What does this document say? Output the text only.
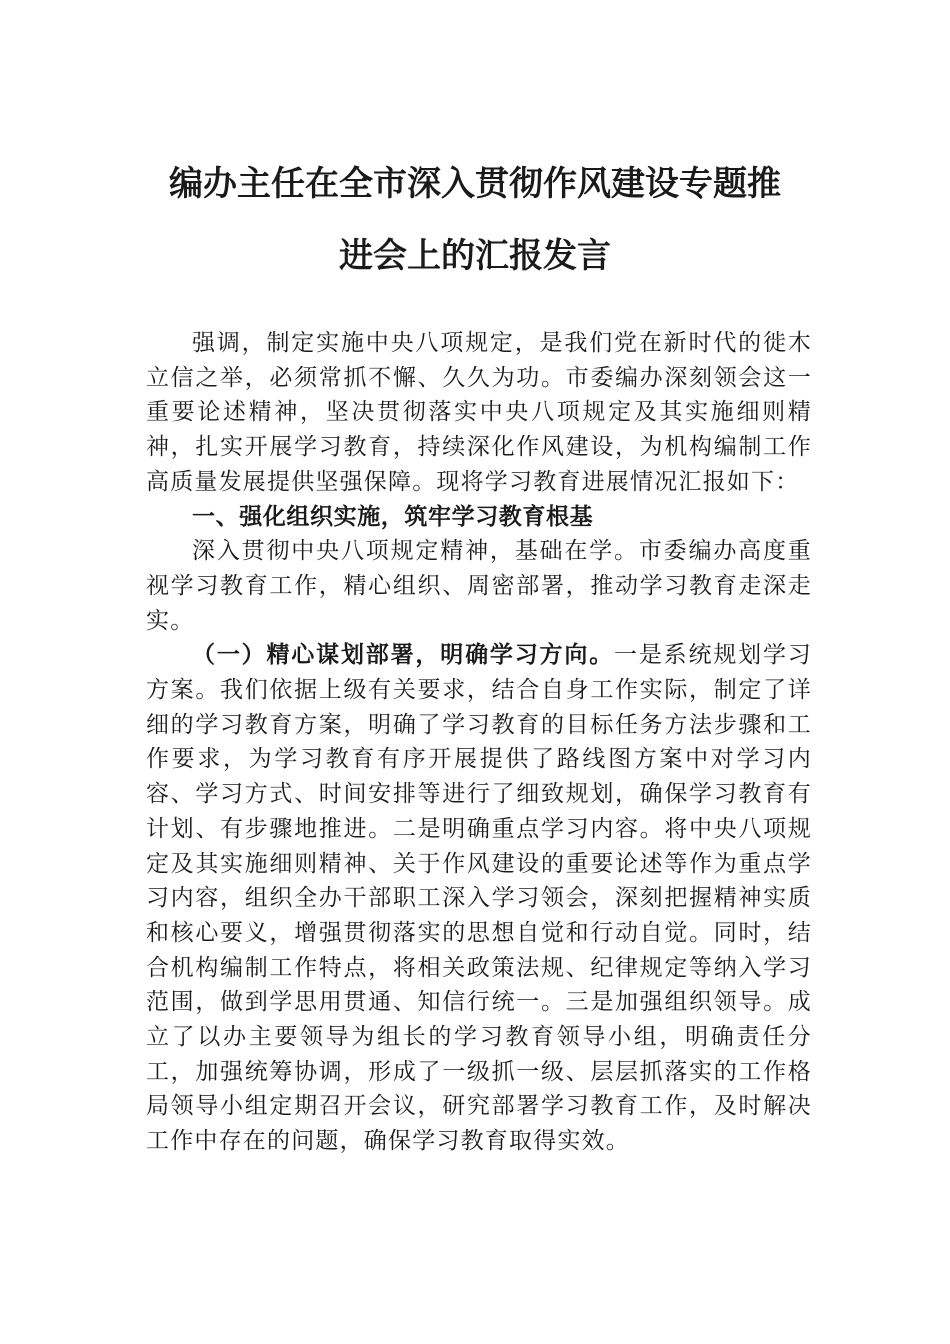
编办主任在全市深入贯彻作风建设专题推
进会上的汇报发言

强调，制定实施中央八项规定，是我们党在新时代的徙木立信之举，必须常抓不懈、久久为功。市委编办深刻领会这一重要论述精神，坚决贯彻落实中央八项规定及其实施细则精神，扎实开展学习教育，持续深化作风建设，为机构编制工作高质量发展提供坚强保障。现将学习教育进展情况汇报如下：

一、强化组织实施，筑牢学习教育根基

深入贯彻中央八项规定精神，基础在学。市委编办高度重视学习教育工作，精心组织、周密部署，推动学习教育走深走实。

（一）精心谋划部署，明确学习方向。一是系统规划学习方案。我们依据上级有关要求，结合自身工作实际，制定了详细的学习教育方案，明确了学习教育的目标任务方法步骤和工作要求，为学习教育有序开展提供了路线图方案中对学习内容、学习方式、时间安排等进行了细致规划，确保学习教育有计划、有步骤地推进。二是明确重点学习内容。将中央八项规定及其实施细则精神、关于作风建设的重要论述等作为重点学习内容，组织全办干部职工深入学习领会，深刻把握精神实质和核心要义，增强贯彻落实的思想自觉和行动自觉。同时，结合机构编制工作特点，将相关政策法规、纪律规定等纳入学习范围，做到学思用贯通、知信行统一。三是加强组织领导。成立了以办主要领导为组长的学习教育领导小组，明确责任分工，加强统筹协调，形成了一级抓一级、层层抓落实的工作格局领导小组定期召开会议，研究部署学习教育工作，及时解决工作中存在的问题，确保学习教育取得实效。
